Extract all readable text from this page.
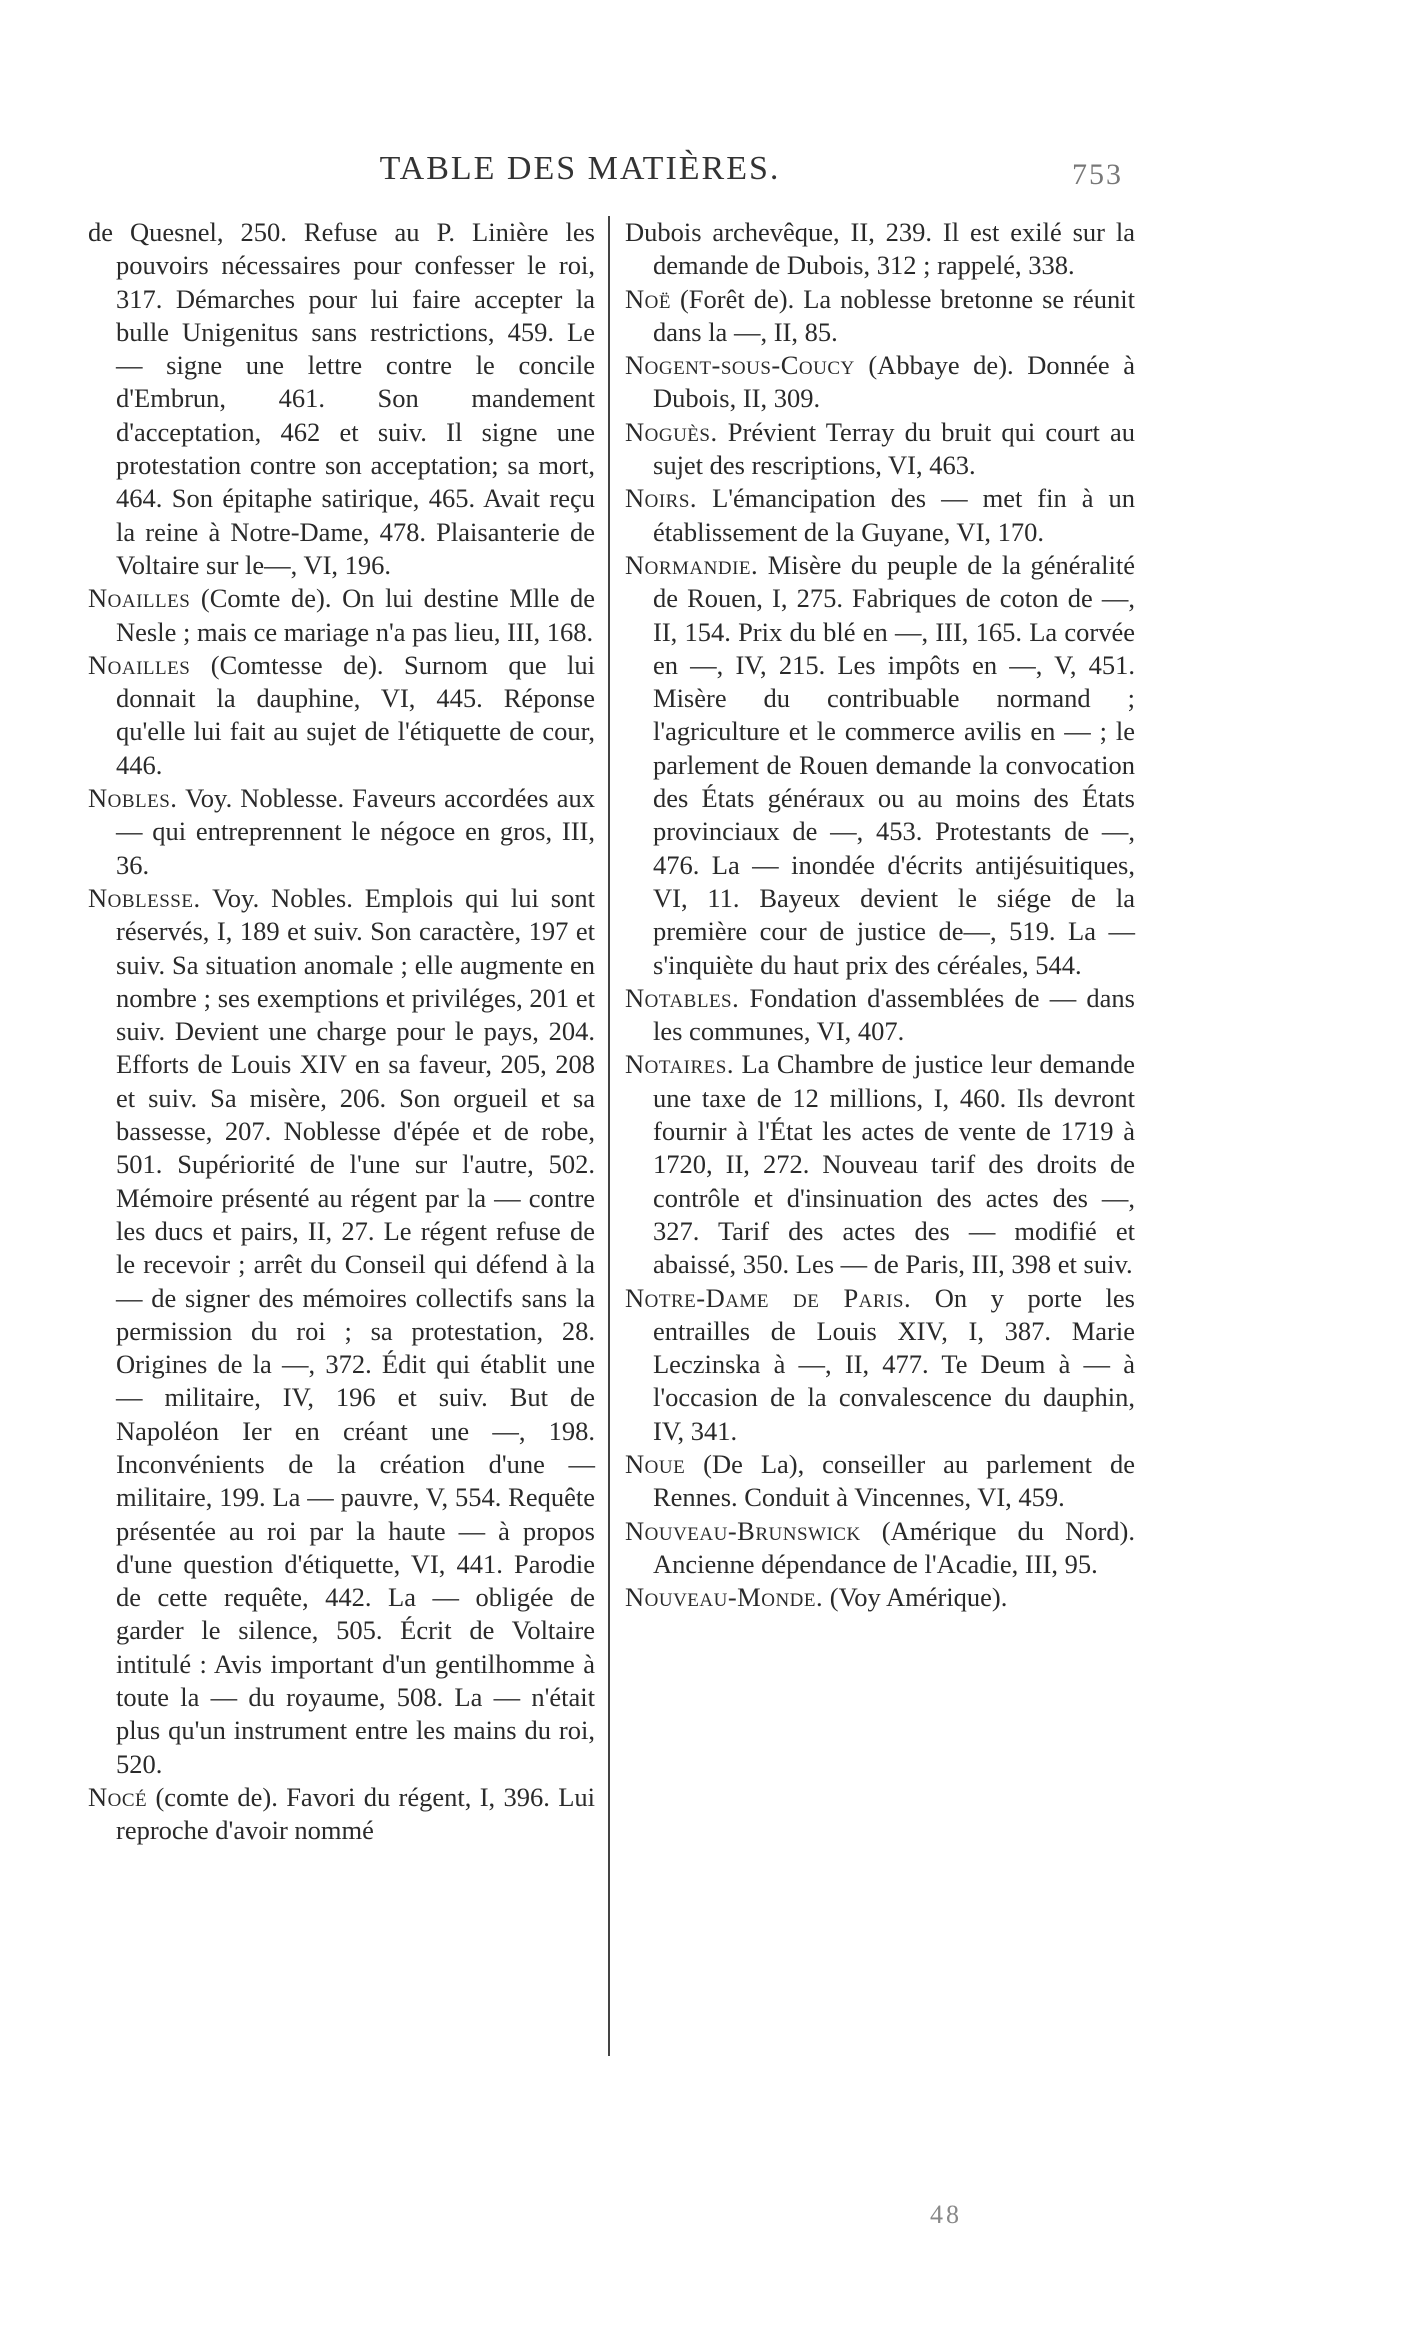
TABLE DES MATIÈRES.	753

de Quesnel, 250. Refuse au P. Linière les pouvoirs nécessaires pour confesser le roi, 317. Démarches pour lui faire accepter la bulle Unigenitus sans restrictions, 459. Le — signe une lettre contre le concile d'Embrun, 461. Son mandement d'acceptation, 462 et suiv. Il signe une protestation contre son acceptation; sa mort, 464. Son épitaphe satirique, 465. Avait reçu la reine à Notre-Dame, 478. Plaisanterie de Voltaire sur le—, VI, 196.

Noailles (Comte de). On lui destine Mlle de Nesle ; mais ce mariage n'a pas lieu, III, 168.

Noailles (Comtesse de). Surnom que lui donnait la dauphine, VI, 445. Réponse qu'elle lui fait au sujet de l'étiquette de cour, 446.

Nobles. Voy. Noblesse. Faveurs accordées aux — qui entreprennent le négoce en gros, III, 36.

Noblesse. Voy. Nobles. Emplois qui lui sont réservés, I, 189 et suiv. Son caractère, 197 et suiv. Sa situation anomale ; elle augmente en nombre ; ses exemptions et priviléges, 201 et suiv. Devient une charge pour le pays, 204. Efforts de Louis XIV en sa faveur, 205, 208 et suiv. Sa misère, 206. Son orgueil et sa bassesse, 207. Noblesse d'épée et de robe, 501. Supériorité de l'une sur l'autre, 502. Mémoire présenté au régent par la — contre les ducs et pairs, II, 27. Le régent refuse de le recevoir ; arrêt du Conseil qui défend à la — de signer des mémoires collectifs sans la permission du roi ; sa protestation, 28. Origines de la —, 372. Édit qui établit une — militaire, IV, 196 et suiv. But de Napoléon Ier en créant une —, 198. Inconvénients de la création d'une — militaire, 199. La — pauvre, V, 554. Requête présentée au roi par la haute — à propos d'une question d'étiquette, VI, 441. Parodie de cette requête, 442. La — obligée de garder le silence, 505. Écrit de Voltaire intitulé : Avis important d'un gentilhomme à toute la — du royaume, 508. La — n'était plus qu'un instrument entre les mains du roi, 520.

Nocé (comte de). Favori du régent, I, 396. Lui reproche d'avoir nommé

Dubois archevêque, II, 239. Il est exilé sur la demande de Dubois, 312 ; rappelé, 338.

Noë (Forêt de). La noblesse bretonne se réunit dans la —, II, 85.

Nogent-sous-Coucy (Abbaye de). Donnée à Dubois, II, 309.

Noguès. Prévient Terray du bruit qui court au sujet des rescriptions, VI, 463.

Noirs. L'émancipation des — met fin à un établissement de la Guyane, VI, 170.

Normandie. Misère du peuple de la généralité de Rouen, I, 275. Fabriques de coton de —, II, 154. Prix du blé en —, III, 165. La corvée en —, IV, 215. Les impôts en —, V, 451. Misère du contribuable normand ; l'agriculture et le commerce avilis en — ; le parlement de Rouen demande la convocation des États généraux ou au moins des États provinciaux de —, 453. Protestants de —, 476. La — inondée d'écrits antijésuitiques, VI, 11. Bayeux devient le siége de la première cour de justice de—, 519. La — s'inquiète du haut prix des céréales, 544.

Notables. Fondation d'assemblées de — dans les communes, VI, 407.

Notaires. La Chambre de justice leur demande une taxe de 12 millions, I, 460. Ils devront fournir à l'État les actes de vente de 1719 à 1720, II, 272. Nouveau tarif des droits de contrôle et d'insinuation des actes des —, 327. Tarif des actes des — modifié et abaissé, 350. Les — de Paris, III, 398 et suiv.

Notre-Dame de Paris. On y porte les entrailles de Louis XIV, I, 387. Marie Leczinska à —, II, 477. Te Deum à — à l'occasion de la convalescence du dauphin, IV, 341.

Noue (De La), conseiller au parlement de Rennes. Conduit à Vincennes, VI, 459.

Nouveau-Brunswick (Amérique du Nord). Ancienne dépendance de l'Acadie, III, 95.

Nouveau-Monde. (Voy Amérique).

48
